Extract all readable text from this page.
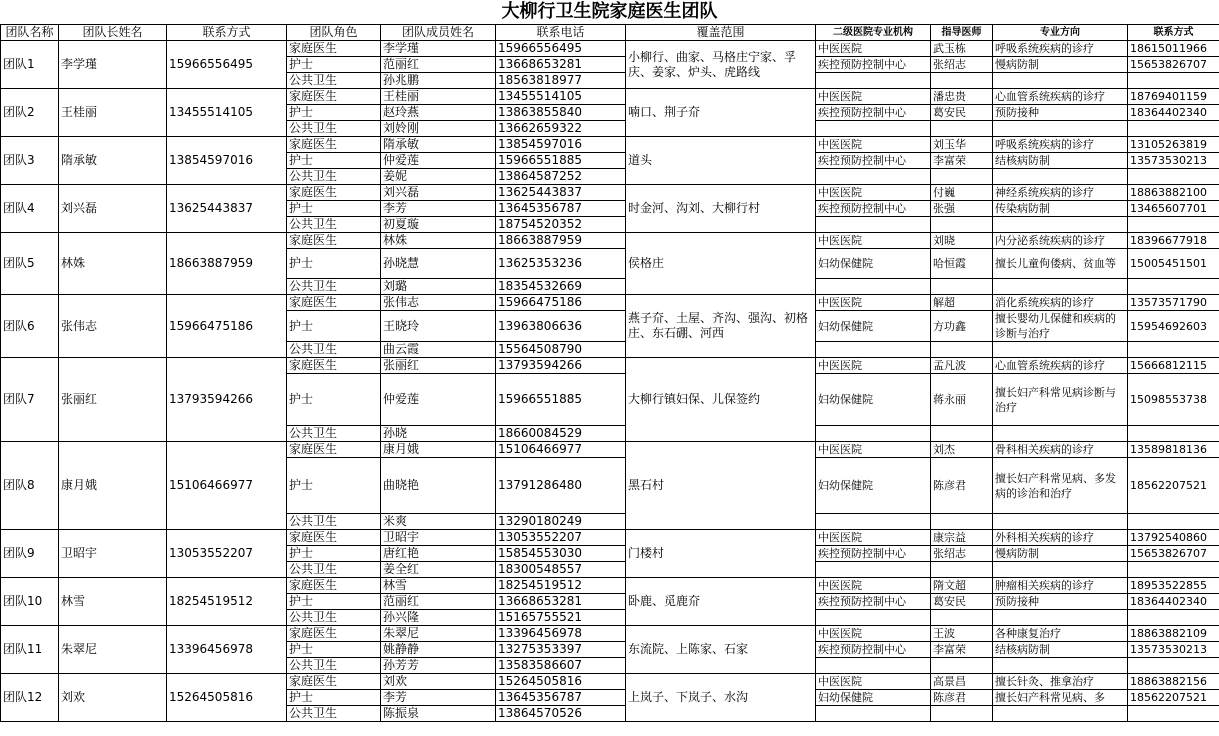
大柳行卫生院家庭医生团队
团队名称	团队长姓名	联系方式	团队角色	团队成员姓名	联系电话	覆盖范围	二级医院专业机构	指导医师	专业方向	联系方式
团队1	李学瑾	15966556495	家庭医生	李学瑾	15966556495	小柳行、曲家、马格庄宁家、孚庆、姜家、炉头、虎路线	中医医院	武玉栋	呼吸系统疾病的诊疗	18615011966
			护士	范丽红	13668653281		疾控预防控制中心	张绍志	慢病防制	15653826707
			公共卫生	孙兆鹏	18563818977					
团队2	王桂丽	13455514105	家庭医生	王桂丽	13455514105	喃口、荆子夼	中医医院	潘忠贵	心血管系统疾病的诊疗	18769401159
			护士	赵玲燕	13863855840		疾控预防控制中心	葛安民	预防接种	18364402340
			公共卫生	刘姈刚	13662659322					
团队3	隋承敏	13854597016	家庭医生	隋承敏	13854597016	道头	中医医院	刘玉华	呼吸系统疾病的诊疗	13105263819
			护士	仲爱莲	15966551885		疾控预防控制中心	李富荣	结核病防制	13573530213
			公共卫生	姜妮	13864587252					
团队4	刘兴磊	13625443837	家庭医生	刘兴磊	13625443837	时金河、沟刘、大柳行村	中医医院	付巍	神经系统疾病的诊疗	18863882100
			护士	李芳	13645356787		疾控预防控制中心	张强	传染病防制	13465607701
			公共卫生	初夏璇	18754520352					
团队5	林姝	18663887959	家庭医生	林姝	18663887959	侯格庄	中医医院	刘晓	内分泌系统疾病的诊疗	18396677918
			护士	孙晓慧	13625353236		妇幼保健院	哈恒霞	擅长儿童佝偻病、贫血等	15005451501
			公共卫生	刘璐	18354532669					
团队6	张伟志	15966475186	家庭医生	张伟志	15966475186	燕子夼、土屋、齐沟、强沟、初格庄、东石硼、河西	中医医院	解超	消化系统疾病的诊疗	13573571790
			护士	王晓玲	13963806636		妇幼保健院	方功鑫	擅长婴幼儿保健和疾病的诊断与治疗	15954692603
			公共卫生	曲云霞	15564508790					
团队7	张丽红	13793594266	家庭医生	张丽红	13793594266	大柳行镇妇保、儿保签约	中医医院	孟凡波	心血管系统疾病的诊疗	15666812115
			护士	仲爱莲	15966551885		妇幼保健院	蒋永丽	擅长妇产科常见病诊断与治疗	15098553738
			公共卫生	孙晓	18660084529					
团队8	康月娥	15106466977	家庭医生	康月娥	15106466977	黑石村	中医医院	刘杰	骨科相关疾病的诊疗	13589818136
			护士	曲晓艳	13791286480		妇幼保健院	陈彦君	擅长妇产科常见病、多发病的诊治和治疗	18562207521
			公共卫生	米爽	13290180249					
团队9	卫昭宇	13053552207	家庭医生	卫昭宇	13053552207	门楼村	中医医院	康宗益	外科相关疾病的诊疗	13792540860
			护士	唐红艳	15854553030		疾控预防控制中心	张绍志	慢病防制	15653826707
			公共卫生	姜全红	18300548557					
团队10	林雪	18254519512	家庭医生	林雪	18254519512	卧鹿、觅鹿夼	中医医院	隋文超	肿瘤相关疾病的诊疗	18953522855
			护士	范丽红	13668653281		疾控预防控制中心	葛安民	预防接种	18364402340
			公共卫生	孙兴隆	15165755521					
团队11	朱翠尼	13396456978	家庭医生	朱翠尼	13396456978	东流院、上陈家、石家	中医医院	王波	各种康复治疗	18863882109
			护士	姚静静	13275353397		疾控预防控制中心	李富荣	结核病防制	13573530213
			公共卫生	孙芳芳	13583586607					
团队12	刘欢	15264505816	家庭医生	刘欢	15264505816	上岚子、下岚子、水沟	中医医院	高景昌	擅长针灸、推拿治疗	18863882156
			护士	李芳	13645356787		妇幼保健院	陈彦君	擅长妇产科常见病、多	18562207521
			公共卫生	陈振泉	13864570526					
